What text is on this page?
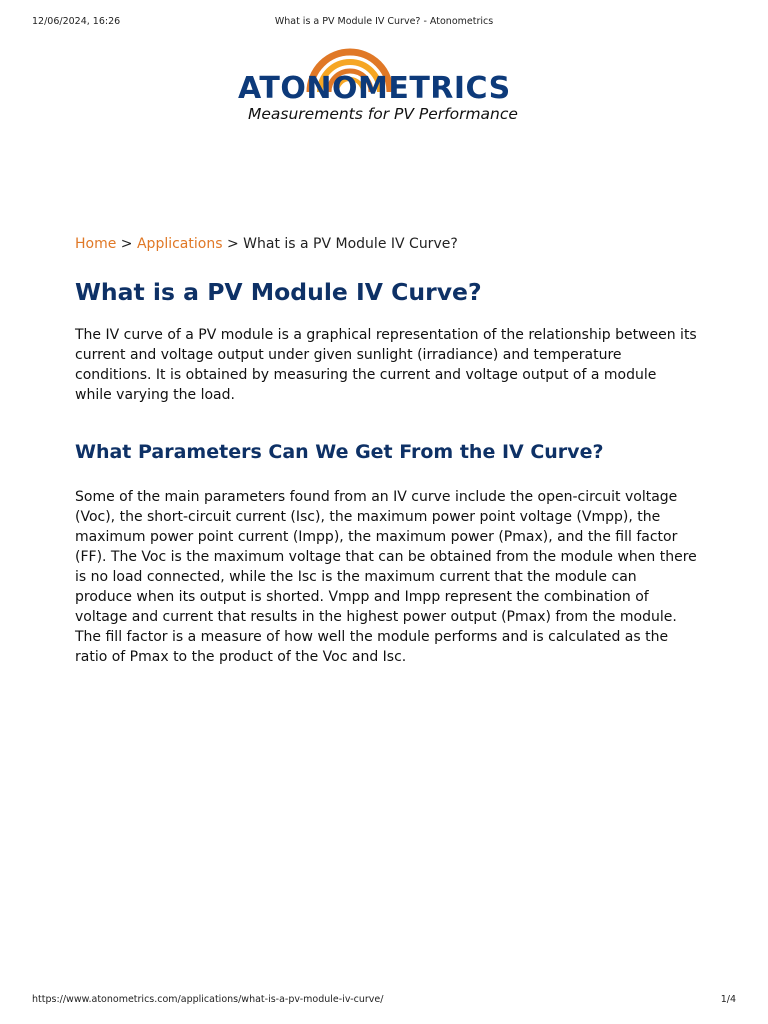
12/06/2024, 16:26	What is a PV Module IV Curve? - Atonometrics
ATONOMETRICS
Measurements for PV Performance
Home > Applications > What is a PV Module IV Curve?
What is a PV Module IV Curve?

The IV curve of a PV module is a graphical representation of the relationship between its current and voltage output under given sunlight (irradiance) and temperature conditions. It is obtained by measuring the current and voltage output of a module while varying the load.

What Parameters Can We Get From the IV Curve?

Some of the main parameters found from an IV curve include the open-circuit voltage (Voc), the short-circuit current (Isc), the maximum power point voltage (Vmpp), the maximum power point current (Impp), the maximum power (Pmax), and the fill factor (FF). The Voc is the maximum voltage that can be obtained from the module when there is no load connected, while the Isc is the maximum current that the module can produce when its output is shorted. Vmpp and Impp represent the combination of voltage and current that results in the highest power output (Pmax) from the module. The fill factor is a measure of how well the module performs and is calculated as the ratio of Pmax to the product of the Voc and Isc.

https://www.atonometrics.com/applications/what-is-a-pv-module-iv-curve/	1/4
